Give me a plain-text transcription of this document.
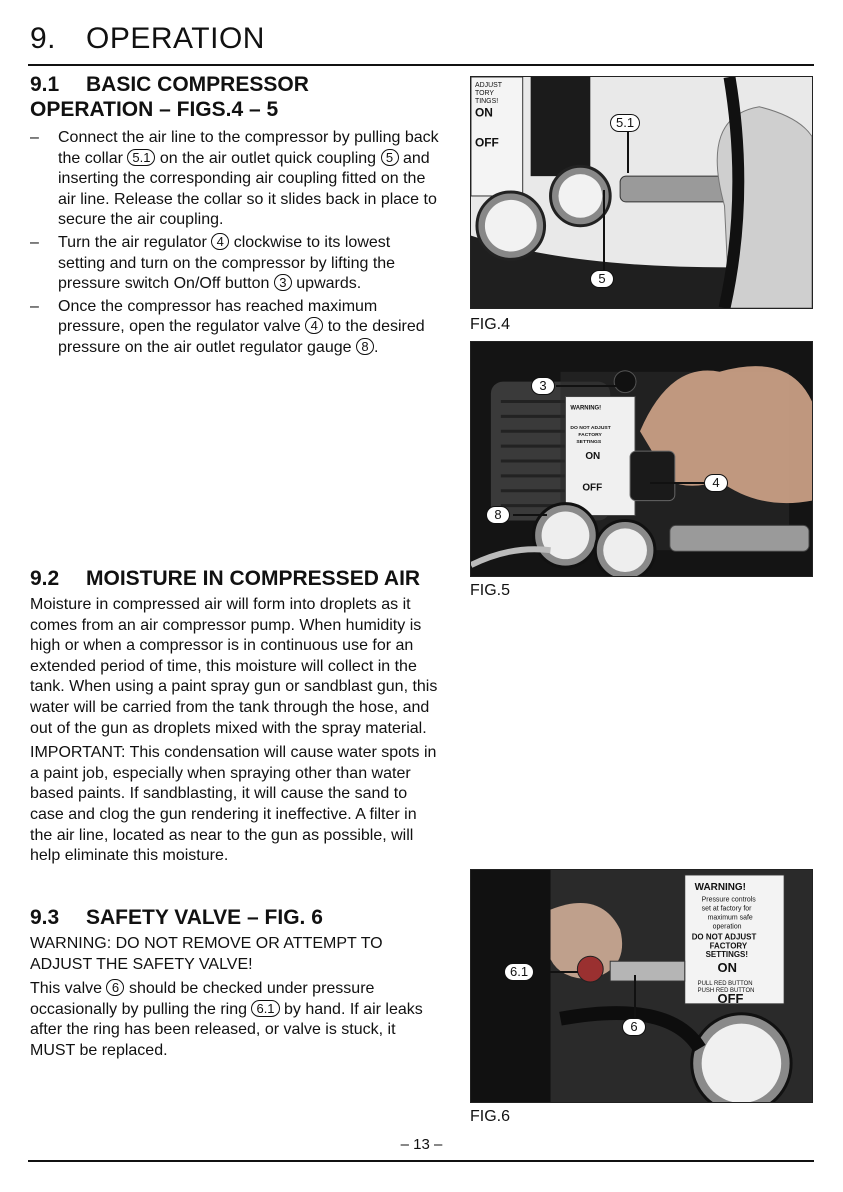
9. OPERATION
9.1 BASIC COMPRESSOR
OPERATION – FIGS.4 – 5
– Connect the air line to the compressor by pulling back the collar 5.1 on the air outlet quick coupling 5 and inserting the corresponding air coupling fitted on the air line. Release the collar so it slides back in place to secure the air coupling.
– Turn the air regulator 4 clockwise to its lowest setting and turn on the compressor by lifting the pressure switch On/Off button 3 upwards.
– Once the compressor has reached maximum pressure, open the regulator valve 4 to the desired pressure on the air outlet regulator gauge 8 .
9.2 MOISTURE IN COMPRESSED AIR

Moisture in compressed air will form into droplets as it comes from an air compressor pump. When humidity is high or when a compressor is in continuous use for an extended period of time, this moisture will collect in the tank. When using a paint spray gun or sandblast gun, this water will be carried from the tank through the hose, and out of the gun as droplets mixed with the spray material.

IMPORTANT: This condensation will cause water spots in a paint job, especially when spraying other than water based paints. If sandblasting, it will cause the sand to case and clog the gun rendering it ineffective. A filter in the air line, located as near to the gun as possible, will help eliminate this moisture.

9.3 SAFETY VALVE – FIG. 6

WARNING: DO NOT REMOVE OR ATTEMPT TO ADJUST THE SAFETY VALVE!

This valve 6 should be checked under pressure occasionally by pulling the ring 6.1 by hand. If air leaks after the ring has been released, or valve is stuck, it MUST be replaced.

ADJUST
TORY
TINGS!
ON
OFF
5.1
5
FIG.4
WARNING!
DO NOT ADJUST
FACTORY
SETTINGS
ON
OFF
3
4
8
FIG.5
WARNING!
Pressure controls
set at factory for
maximum safe
operation
DO NOT ADJUST
FACTORY
SETTINGS!
ON
PULL RED BUTTON
PUSH RED BUTTON
OFF
6.1
6
FIG.6
– 13 –
